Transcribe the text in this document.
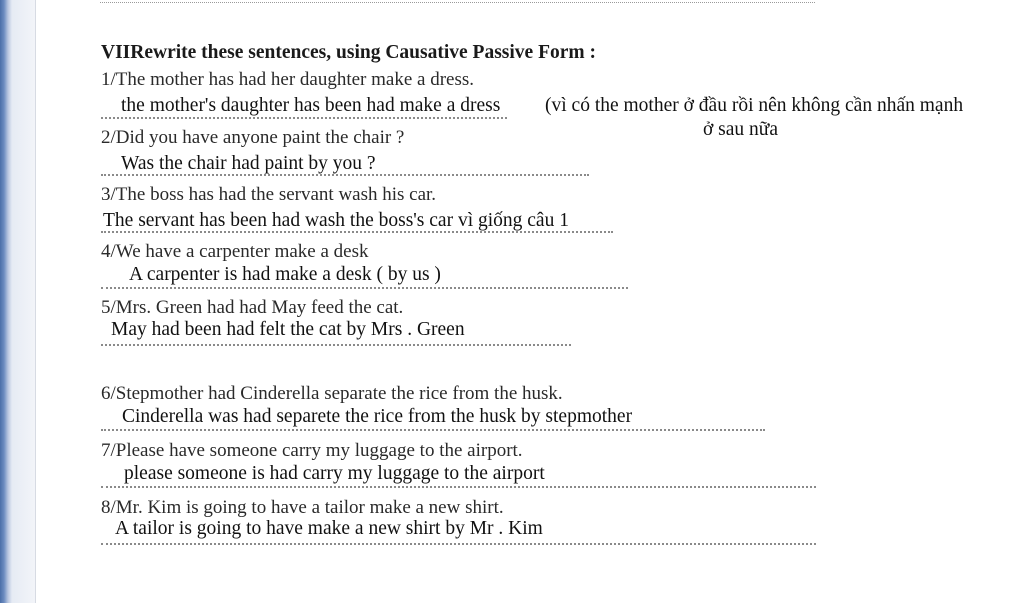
VIIRewrite these sentences, using Causative Passive Form :
1/The mother has had her daughter make a dress.
the mother's daughter has been had make a dress (vì có the mother ở đầu rồi nên không cần nhấn mạnh
ở sau nữa
2/Did you have anyone paint the chair ?
Was the chair had paint by you ?
3/The boss has had the servant wash his car.
The servant has been had wash the boss's car vì giống câu 1
4/We have a carpenter make a desk
A carpenter is had make a desk ( by us )
5/Mrs. Green had had May feed the cat.
May had been had felt the cat by Mrs . Green
6/Stepmother had Cinderella separate the rice from the husk.
Cinderella was had separete the rice from the husk by stepmother
7/Please have someone carry my luggage to the airport.
please someone is had carry my luggage to the airport
8/Mr. Kim is going to have a tailor make a new shirt.
A tailor is going to have make a new shirt by Mr . Kim
